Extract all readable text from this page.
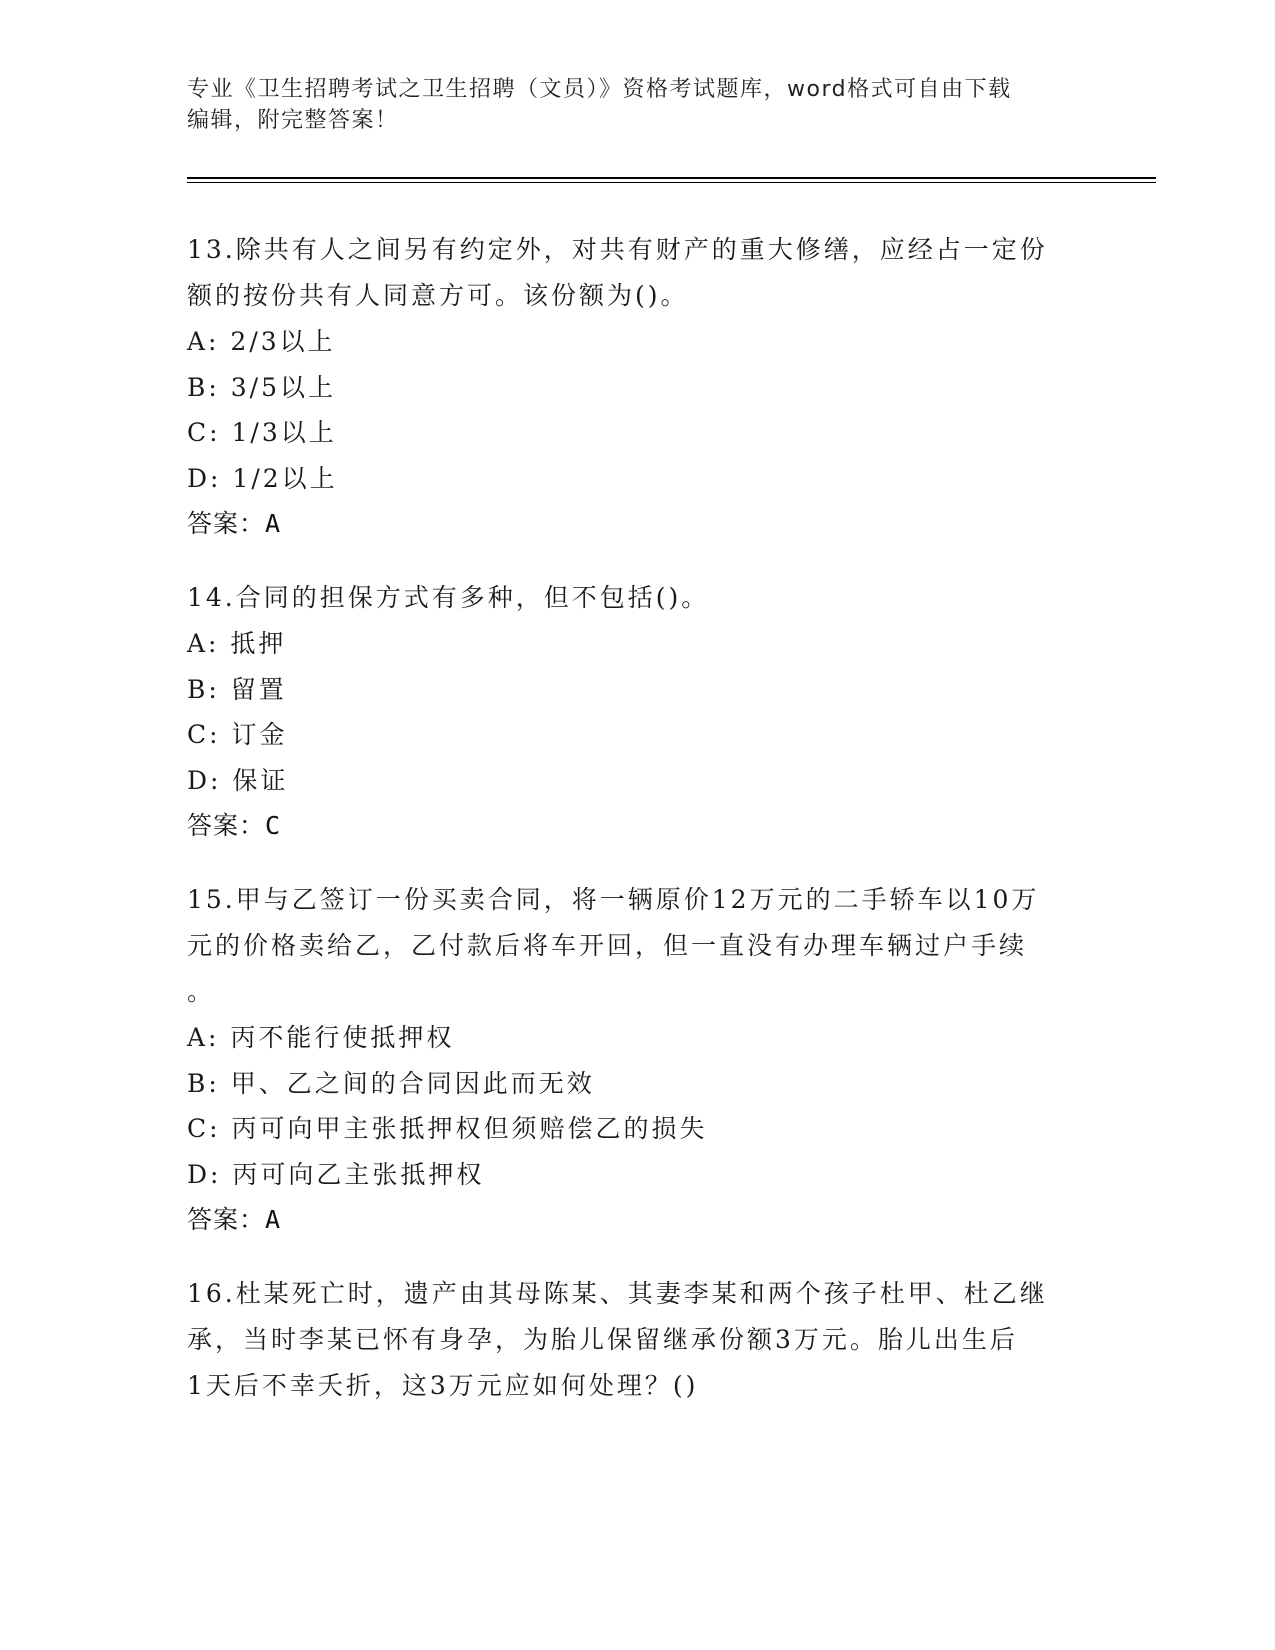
专业《卫生招聘考试之卫生招聘（文员）》资格考试题库，word格式可自由下载
编辑，附完整答案！
13.除共有人之间另有约定外，对共有财产的重大修缮，应经占一定份
额的按份共有人同意方可。该份额为()。
A: 2/3以上
B: 3/5以上
C: 1/3以上
D: 1/2以上
答案：A
14.合同的担保方式有多种，但不包括()。
A: 抵押
B: 留置
C: 订金
D: 保证
答案：C
15.甲与乙签订一份买卖合同，将一辆原价12万元的二手轿车以10万
元的价格卖给乙，乙付款后将车开回，但一直没有办理车辆过户手续
。
A: 丙不能行使抵押权
B: 甲、乙之间的合同因此而无效
C: 丙可向甲主张抵押权但须赔偿乙的损失
D: 丙可向乙主张抵押权
答案：A
16.杜某死亡时，遗产由其母陈某、其妻李某和两个孩子杜甲、杜乙继
承，当时李某已怀有身孕，为胎儿保留继承份额3万元。胎儿出生后
1天后不幸夭折，这3万元应如何处理？()
